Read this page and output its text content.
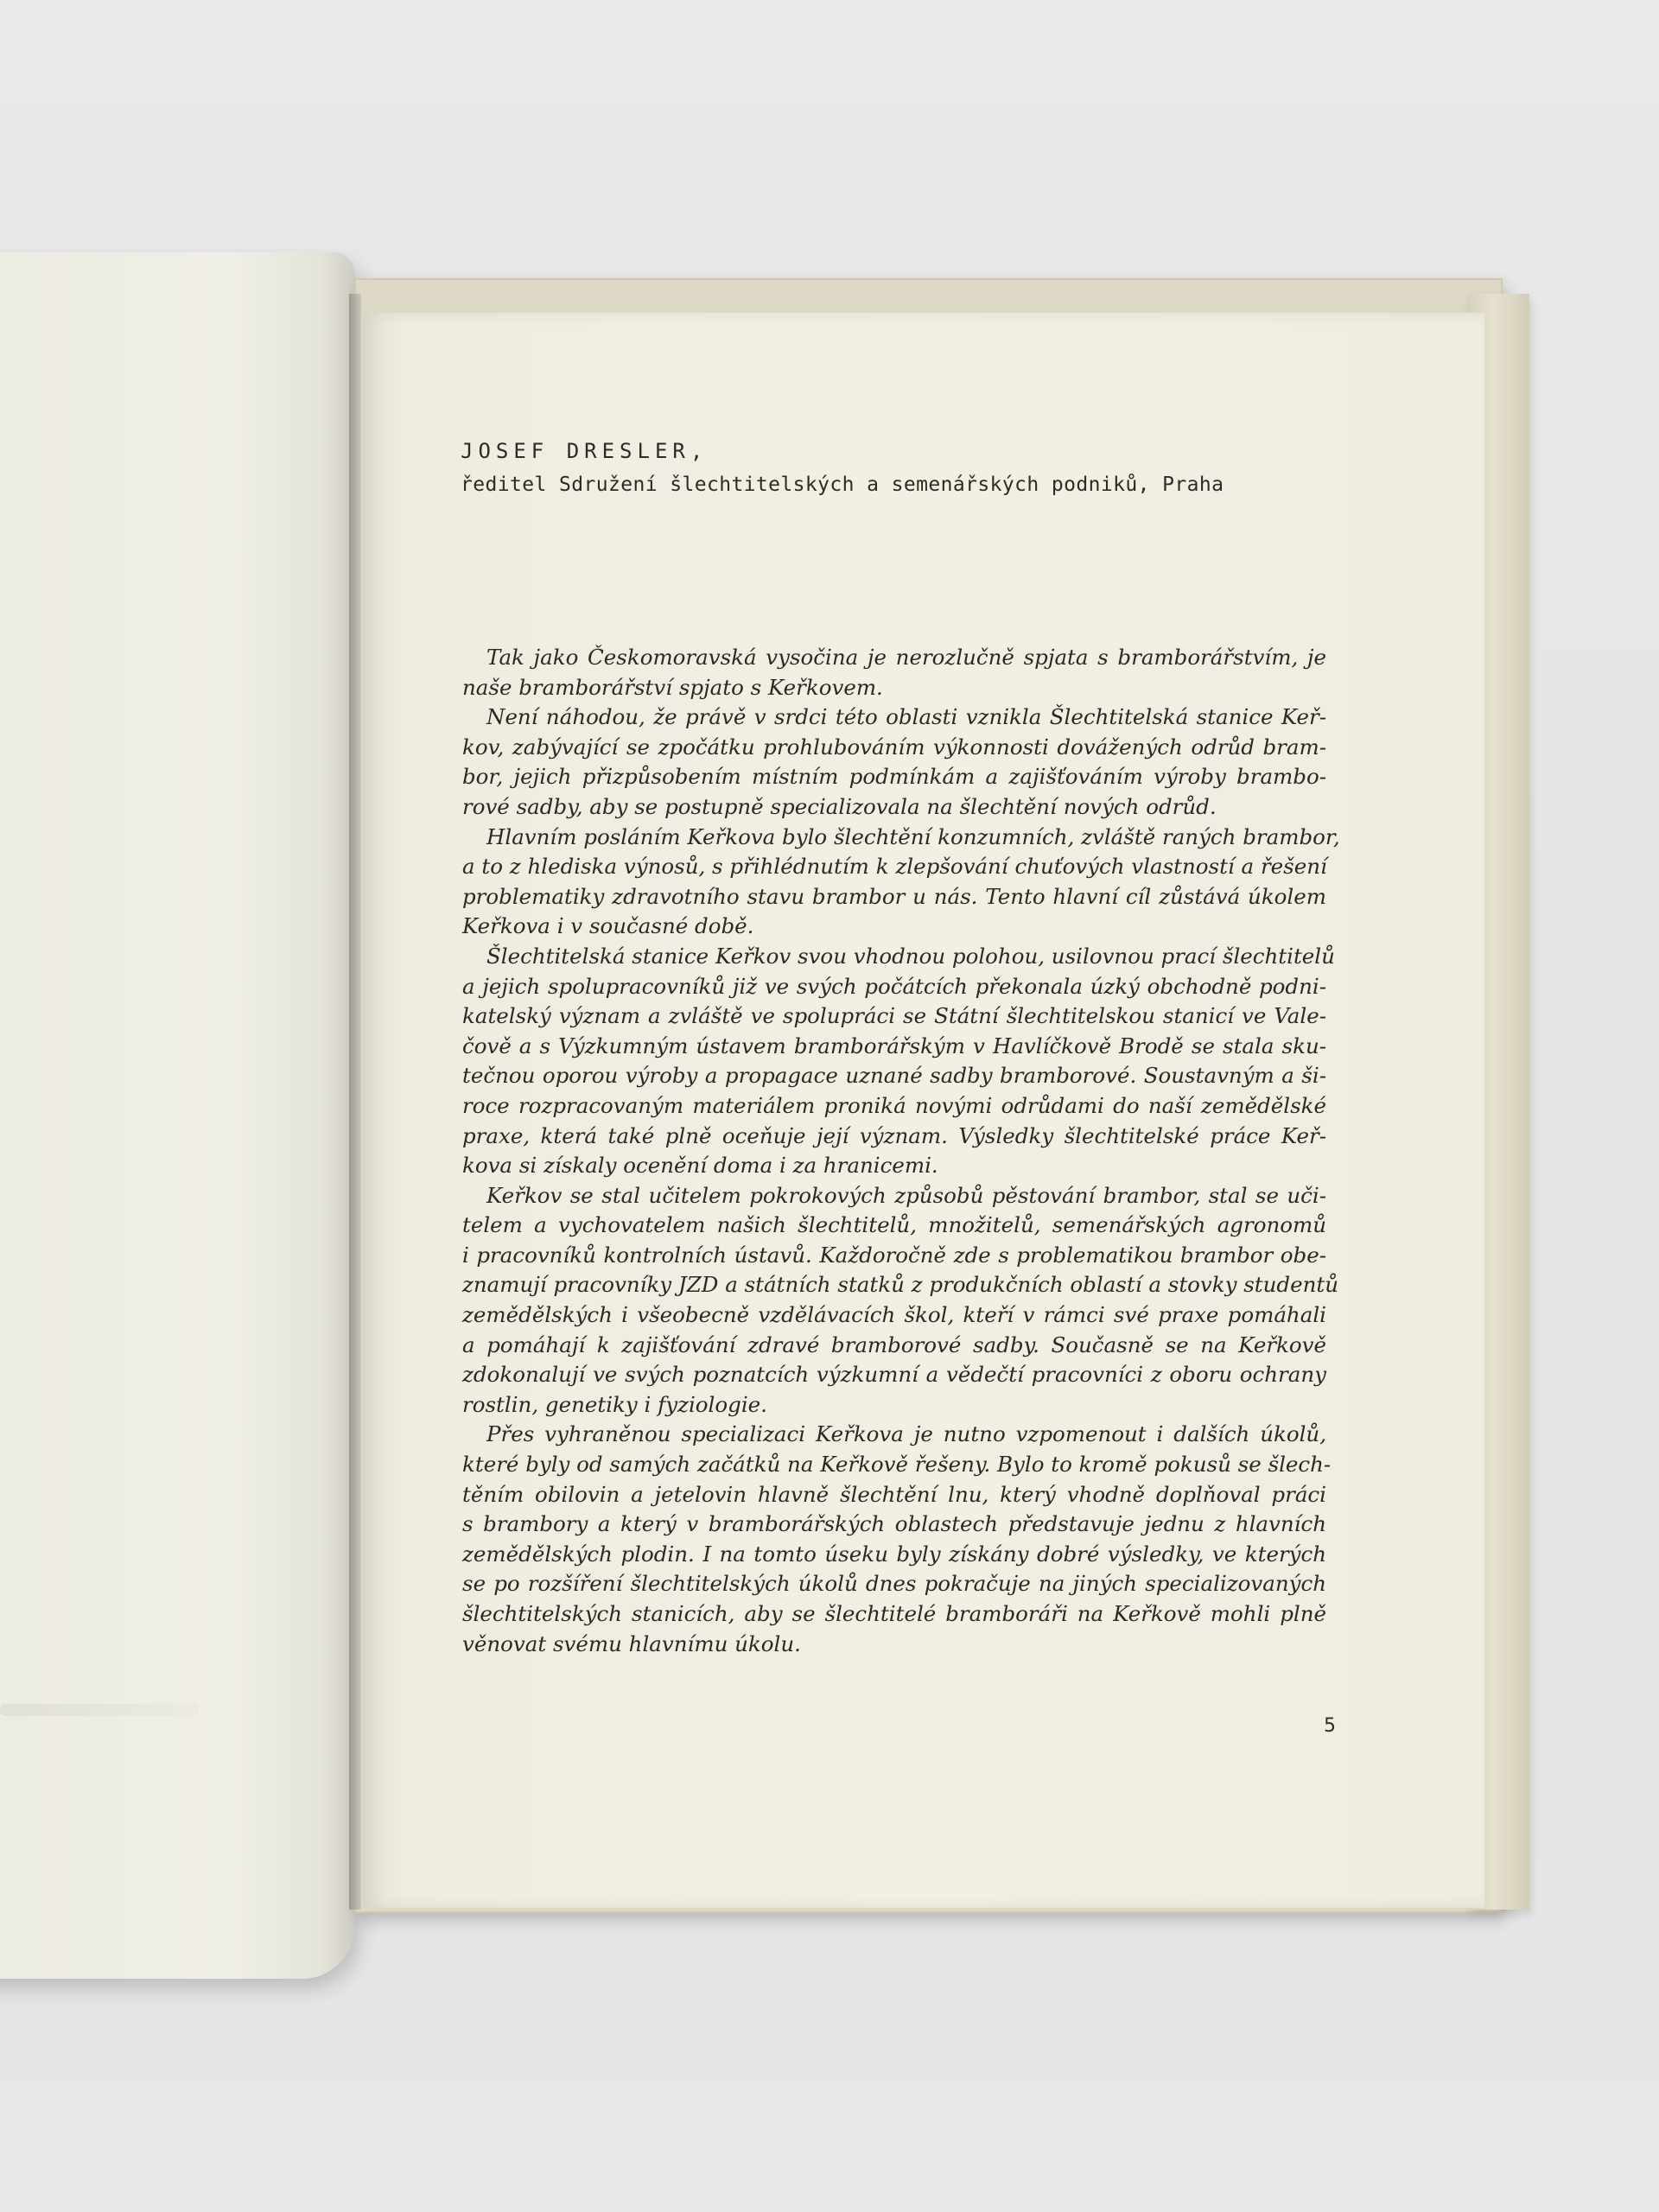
JOSEF DRESLER,
ředitel Sdružení šlechtitelských a semenářských podniků, Praha
Tak jako Českomoravská vysočina je nerozlučně spjata s bramborářstvím, je
naše bramborářství spjato s Keřkovem.
Není náhodou, že právě v srdci této oblasti vznikla Šlechtitelská stanice Keř-
kov, zabývající se zpočátku prohlubováním výkonnosti dovážených odrůd bram-
bor, jejich přizpůsobením místním podmínkám a zajišťováním výroby brambo-
rové sadby, aby se postupně specializovala na šlechtění nových odrůd.
Hlavním posláním Keřkova bylo šlechtění konzumních, zvláště raných brambor,
a to z hlediska výnosů, s přihlédnutím k zlepšování chuťových vlastností a řešení
problematiky zdravotního stavu brambor u nás. Tento hlavní cíl zůstává úkolem
Keřkova i v současné době.
Šlechtitelská stanice Keřkov svou vhodnou polohou, usilovnou prací šlechtitelů
a jejich spolupracovníků již ve svých počátcích překonala úzký obchodně podni-
katelský význam a zvláště ve spolupráci se Státní šlechtitelskou stanicí ve Vale-
čově a s Výzkumným ústavem bramborářským v Havlíčkově Brodě se stala sku-
tečnou oporou výroby a propagace uznané sadby bramborové. Soustavným a ši-
roce rozpracovaným materiálem proniká novými odrůdami do naší zemědělské
praxe, která také plně oceňuje její význam. Výsledky šlechtitelské práce Keř-
kova si získaly ocenění doma i za hranicemi.
Keřkov se stal učitelem pokrokových způsobů pěstování brambor, stal se uči-
telem a vychovatelem našich šlechtitelů, množitelů, semenářských agronomů
i pracovníků kontrolních ústavů. Každoročně zde s problematikou brambor obe-
znamují pracovníky JZD a státních statků z produkčních oblastí a stovky studentů
zemědělských i všeobecně vzdělávacích škol, kteří v rámci své praxe pomáhali
a pomáhají k zajišťování zdravé bramborové sadby. Současně se na Keřkově
zdokonalují ve svých poznatcích výzkumní a vědečtí pracovníci z oboru ochrany
rostlin, genetiky i fyziologie.
Přes vyhraněnou specializaci Keřkova je nutno vzpomenout i dalších úkolů,
které byly od samých začátků na Keřkově řešeny. Bylo to kromě pokusů se šlech-
těním obilovin a jetelovin hlavně šlechtění lnu, který vhodně doplňoval práci
s brambory a který v bramborářských oblastech představuje jednu z hlavních
zemědělských plodin. I na tomto úseku byly získány dobré výsledky, ve kterých
se po rozšíření šlechtitelských úkolů dnes pokračuje na jiných specializovaných
šlechtitelských stanicích, aby se šlechtitelé bramboráři na Keřkově mohli plně
věnovat svému hlavnímu úkolu.
5
